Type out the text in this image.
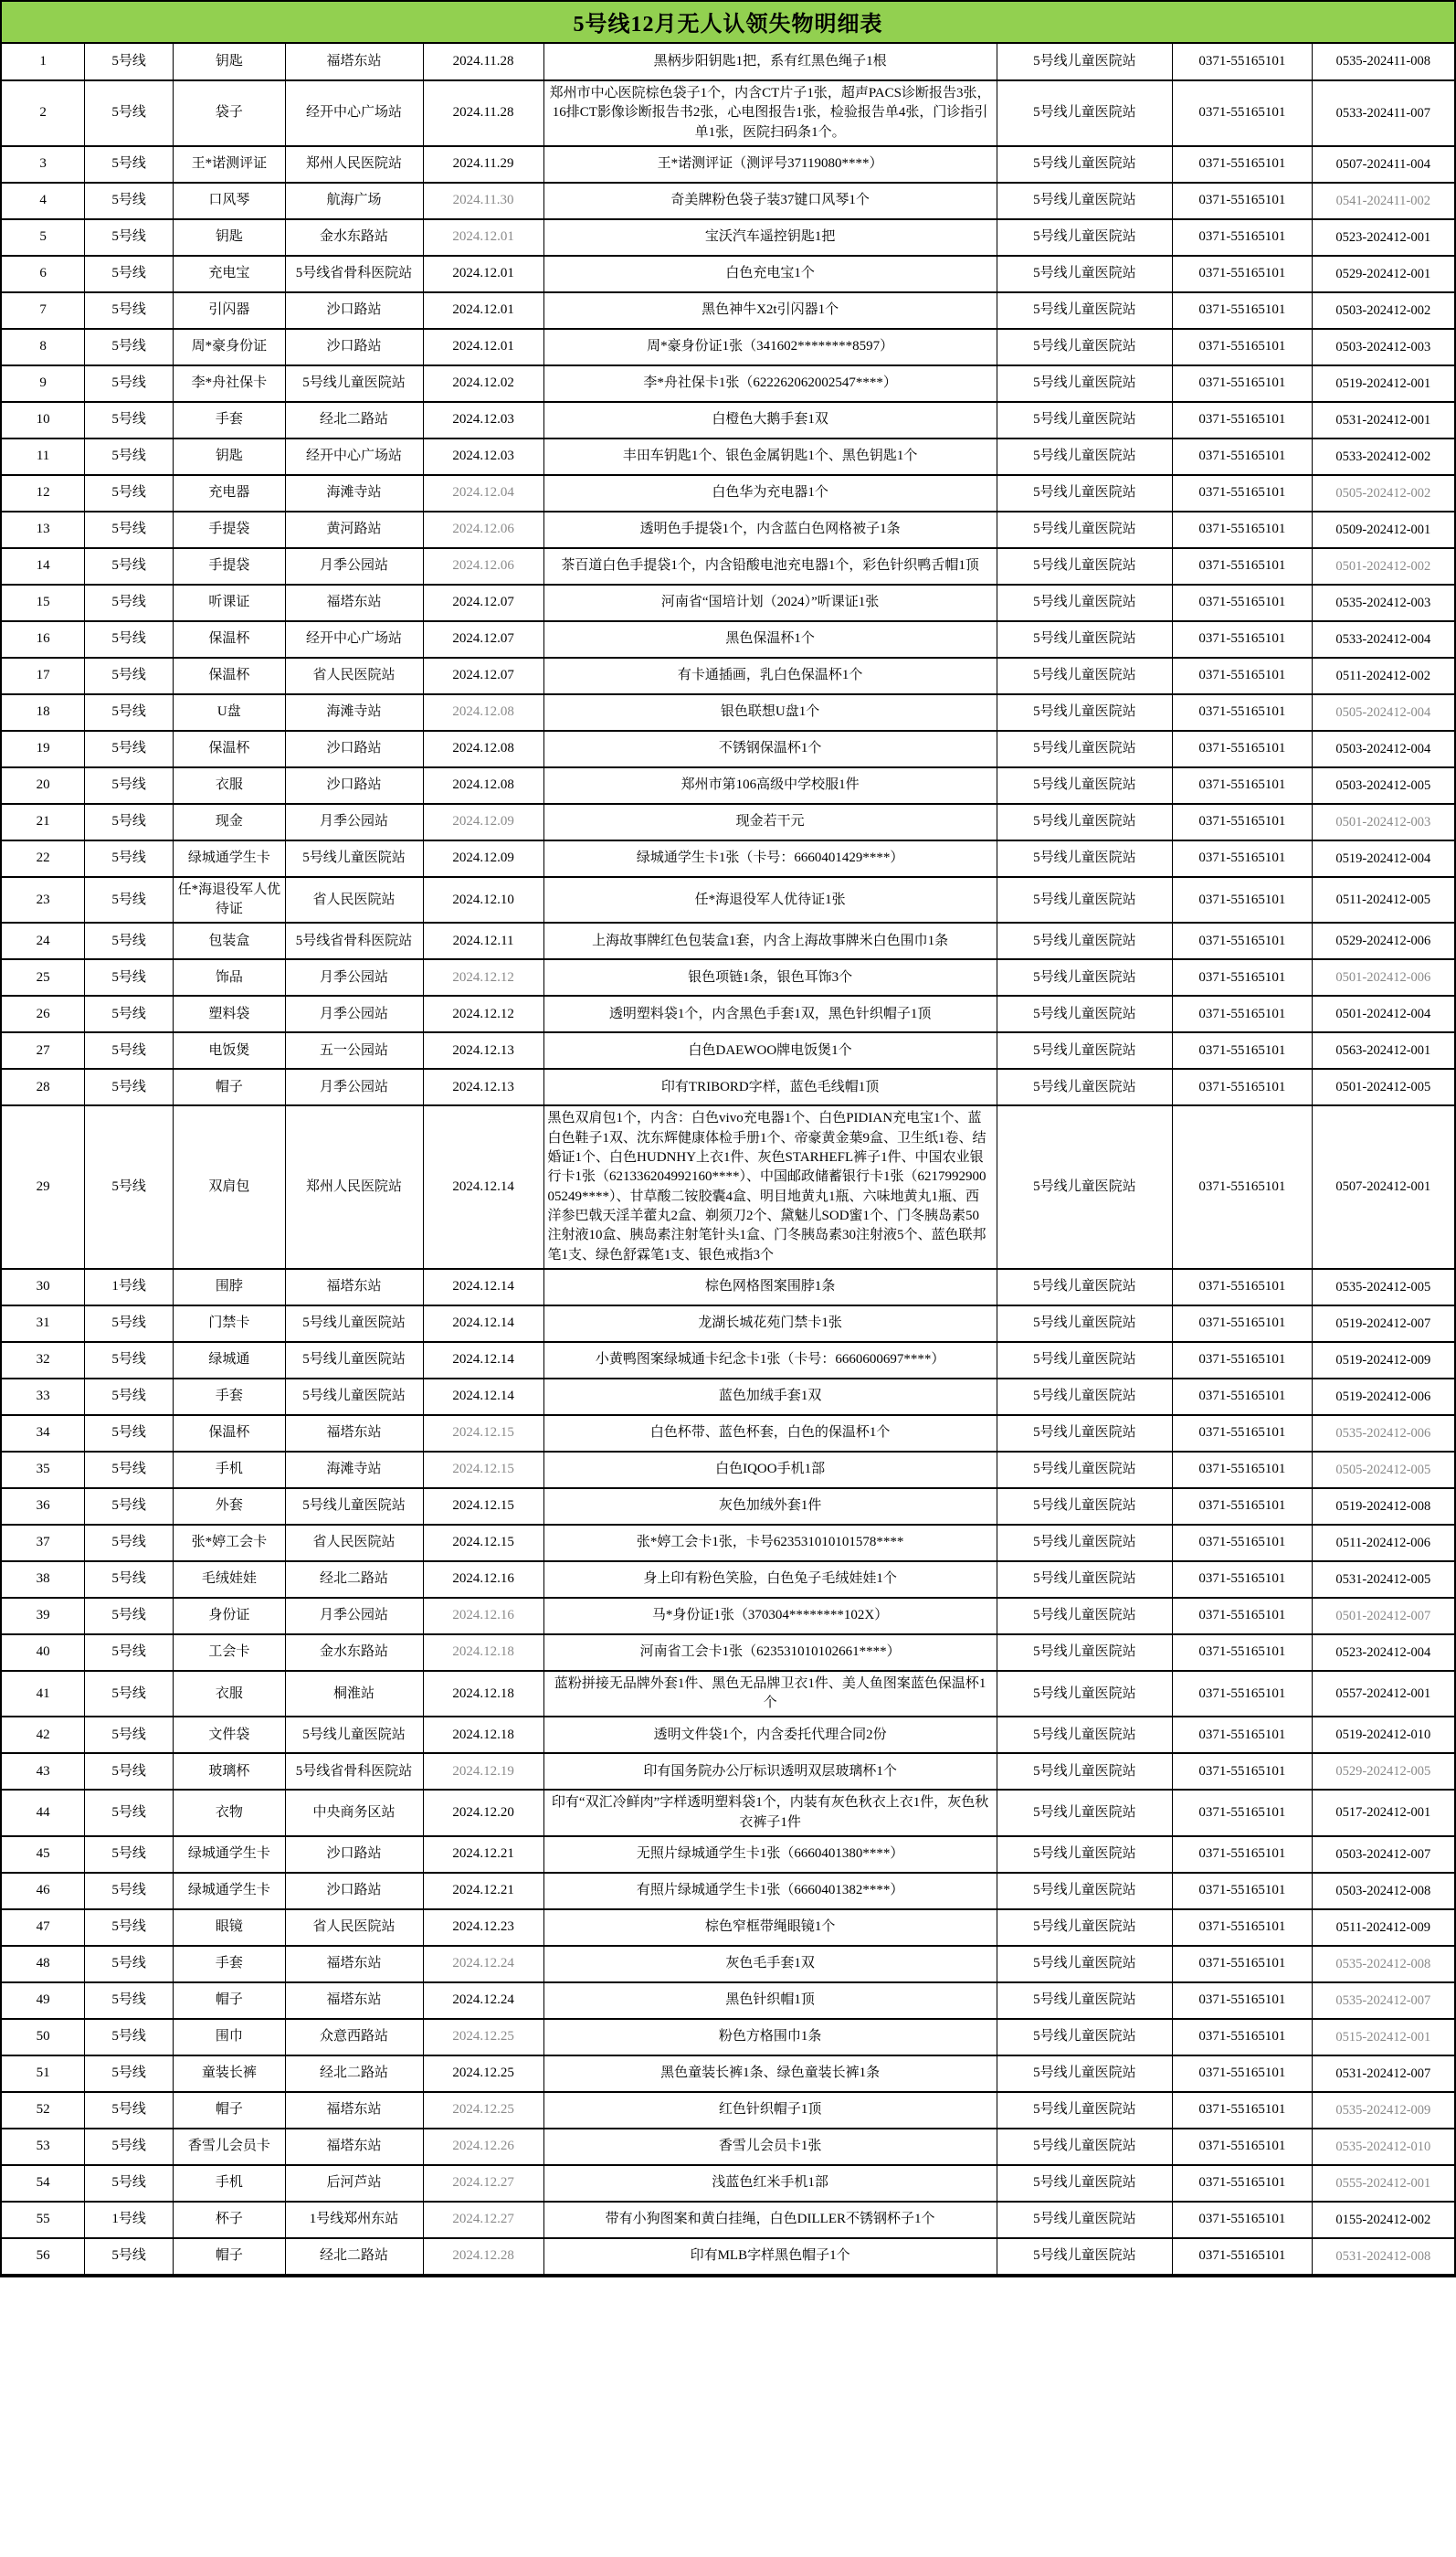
5号线12月无人认领失物明细表
1	5号线	钥匙	福塔东站	2024.11.28	黑柄步阳钥匙1把，系有红黑色绳子1根	5号线儿童医院站	0371-55165101	0535-202411-008
2	5号线	袋子	经开中心广场站	2024.11.28	郑州市中心医院棕色袋子1个，内含CT片子1张，超声PACS诊断报告3张，16排CT影像诊断报告书2张，心电图报告1张，检验报告单4张，门诊指引单1张，医院扫码条1个。	5号线儿童医院站	0371-55165101	0533-202411-007
3	5号线	王*诺测评证	郑州人民医院站	2024.11.29	王*诺测评证（测评号37119080****）	5号线儿童医院站	0371-55165101	0507-202411-004
4	5号线	口风琴	航海广场	2024.11.30	奇美牌粉色袋子装37键口风琴1个	5号线儿童医院站	0371-55165101	0541-202411-002
5	5号线	钥匙	金水东路站	2024.12.01	宝沃汽车遥控钥匙1把	5号线儿童医院站	0371-55165101	0523-202412-001
6	5号线	充电宝	5号线省骨科医院站	2024.12.01	白色充电宝1个	5号线儿童医院站	0371-55165101	0529-202412-001
7	5号线	引闪器	沙口路站	2024.12.01	黑色神牛X2t引闪器1个	5号线儿童医院站	0371-55165101	0503-202412-002
8	5号线	周*豪身份证	沙口路站	2024.12.01	周*豪身份证1张（341602********8597）	5号线儿童医院站	0371-55165101	0503-202412-003
9	5号线	李*舟社保卡	5号线儿童医院站	2024.12.02	李*舟社保卡1张（622262062002547****）	5号线儿童医院站	0371-55165101	0519-202412-001
10	5号线	手套	经北二路站	2024.12.03	白橙色大鹅手套1双	5号线儿童医院站	0371-55165101	0531-202412-001
11	5号线	钥匙	经开中心广场站	2024.12.03	丰田车钥匙1个、银色金属钥匙1个、黑色钥匙1个	5号线儿童医院站	0371-55165101	0533-202412-002
12	5号线	充电器	海滩寺站	2024.12.04	白色华为充电器1个	5号线儿童医院站	0371-55165101	0505-202412-002
13	5号线	手提袋	黄河路站	2024.12.06	透明色手提袋1个，内含蓝白色网格被子1条	5号线儿童医院站	0371-55165101	0509-202412-001
14	5号线	手提袋	月季公园站	2024.12.06	茶百道白色手提袋1个，内含铅酸电池充电器1个，彩色针织鸭舌帽1顶	5号线儿童医院站	0371-55165101	0501-202412-002
15	5号线	听课证	福塔东站	2024.12.07	河南省“国培计划（2024）”听课证1张	5号线儿童医院站	0371-55165101	0535-202412-003
16	5号线	保温杯	经开中心广场站	2024.12.07	黑色保温杯1个	5号线儿童医院站	0371-55165101	0533-202412-004
17	5号线	保温杯	省人民医院站	2024.12.07	有卡通插画，乳白色保温杯1个	5号线儿童医院站	0371-55165101	0511-202412-002
18	5号线	U盘	海滩寺站	2024.12.08	银色联想U盘1个	5号线儿童医院站	0371-55165101	0505-202412-004
19	5号线	保温杯	沙口路站	2024.12.08	不锈钢保温杯1个	5号线儿童医院站	0371-55165101	0503-202412-004
20	5号线	衣服	沙口路站	2024.12.08	郑州市第106高级中学校服1件	5号线儿童医院站	0371-55165101	0503-202412-005
21	5号线	现金	月季公园站	2024.12.09	现金若干元	5号线儿童医院站	0371-55165101	0501-202412-003
22	5号线	绿城通学生卡	5号线儿童医院站	2024.12.09	绿城通学生卡1张（卡号：6660401429****）	5号线儿童医院站	0371-55165101	0519-202412-004
23	5号线	任*海退役军人优待证	省人民医院站	2024.12.10	任*海退役军人优待证1张	5号线儿童医院站	0371-55165101	0511-202412-005
24	5号线	包装盒	5号线省骨科医院站	2024.12.11	上海故事牌红色包装盒1套，内含上海故事牌米白色围巾1条	5号线儿童医院站	0371-55165101	0529-202412-006
25	5号线	饰品	月季公园站	2024.12.12	银色项链1条，银色耳饰3个	5号线儿童医院站	0371-55165101	0501-202412-006
26	5号线	塑料袋	月季公园站	2024.12.12	透明塑料袋1个，内含黑色手套1双，黑色针织帽子1顶	5号线儿童医院站	0371-55165101	0501-202412-004
27	5号线	电饭煲	五一公园站	2024.12.13	白色DAEWOO牌电饭煲1个	5号线儿童医院站	0371-55165101	0563-202412-001
28	5号线	帽子	月季公园站	2024.12.13	印有TRIBORD字样，蓝色毛线帽1顶	5号线儿童医院站	0371-55165101	0501-202412-005
29	5号线	双肩包	郑州人民医院站	2024.12.14	黑色双肩包1个，内含：白色vivo充电器1个、白色PIDIAN充电宝1个、蓝白色鞋子1双、沈东辉健康体检手册1个、帝豪黄金葉9盒、卫生纸1卷、结婚证1个、白色HUDNHY上衣1件、灰色STARHEFL裤子1件、中国农业银行卡1张（621336204992160****）、中国邮政储蓄银行卡1张（621799290005249****）、甘草酸二铵胶囊4盒、明目地黄丸1瓶、六味地黄丸1瓶、西洋参巴戟天淫羊藿丸2盒、剃须刀2个、黛魅儿SOD蜜1个、门冬胰岛素50注射液10盒、胰岛素注射笔针头1盒、门冬胰岛素30注射液5个、蓝色联邦笔1支、绿色舒霖笔1支、银色戒指3个	5号线儿童医院站	0371-55165101	0507-202412-001
30	1号线	围脖	福塔东站	2024.12.14	棕色网格图案围脖1条	5号线儿童医院站	0371-55165101	0535-202412-005
31	5号线	门禁卡	5号线儿童医院站	2024.12.14	龙湖长城花苑门禁卡1张	5号线儿童医院站	0371-55165101	0519-202412-007
32	5号线	绿城通	5号线儿童医院站	2024.12.14	小黄鸭图案绿城通卡纪念卡1张（卡号：6660600697****）	5号线儿童医院站	0371-55165101	0519-202412-009
33	5号线	手套	5号线儿童医院站	2024.12.14	蓝色加绒手套1双	5号线儿童医院站	0371-55165101	0519-202412-006
34	5号线	保温杯	福塔东站	2024.12.15	白色杯带、蓝色杯套，白色的保温杯1个	5号线儿童医院站	0371-55165101	0535-202412-006
35	5号线	手机	海滩寺站	2024.12.15	白色IQOO手机1部	5号线儿童医院站	0371-55165101	0505-202412-005
36	5号线	外套	5号线儿童医院站	2024.12.15	灰色加绒外套1件	5号线儿童医院站	0371-55165101	0519-202412-008
37	5号线	张*婷工会卡	省人民医院站	2024.12.15	张*婷工会卡1张，卡号623531010101578****	5号线儿童医院站	0371-55165101	0511-202412-006
38	5号线	毛绒娃娃	经北二路站	2024.12.16	身上印有粉色笑脸，白色兔子毛绒娃娃1个	5号线儿童医院站	0371-55165101	0531-202412-005
39	5号线	身份证	月季公园站	2024.12.16	马*身份证1张（370304********102X）	5号线儿童医院站	0371-55165101	0501-202412-007
40	5号线	工会卡	金水东路站	2024.12.18	河南省工会卡1张（623531010102661****）	5号线儿童医院站	0371-55165101	0523-202412-004
41	5号线	衣服	桐淮站	2024.12.18	蓝粉拼接无品牌外套1件、黑色无品牌卫衣1件、美人鱼图案蓝色保温杯1个	5号线儿童医院站	0371-55165101	0557-202412-001
42	5号线	文件袋	5号线儿童医院站	2024.12.18	透明文件袋1个，内含委托代理合同2份	5号线儿童医院站	0371-55165101	0519-202412-010
43	5号线	玻璃杯	5号线省骨科医院站	2024.12.19	印有国务院办公厅标识透明双层玻璃杯1个	5号线儿童医院站	0371-55165101	0529-202412-005
44	5号线	衣物	中央商务区站	2024.12.20	印有“双汇冷鲜肉”字样透明塑料袋1个，内装有灰色秋衣上衣1件，灰色秋衣裤子1件	5号线儿童医院站	0371-55165101	0517-202412-001
45	5号线	绿城通学生卡	沙口路站	2024.12.21	无照片绿城通学生卡1张（6660401380****）	5号线儿童医院站	0371-55165101	0503-202412-007
46	5号线	绿城通学生卡	沙口路站	2024.12.21	有照片绿城通学生卡1张（6660401382****）	5号线儿童医院站	0371-55165101	0503-202412-008
47	5号线	眼镜	省人民医院站	2024.12.23	棕色窄框带绳眼镜1个	5号线儿童医院站	0371-55165101	0511-202412-009
48	5号线	手套	福塔东站	2024.12.24	灰色毛手套1双	5号线儿童医院站	0371-55165101	0535-202412-008
49	5号线	帽子	福塔东站	2024.12.24	黑色针织帽1顶	5号线儿童医院站	0371-55165101	0535-202412-007
50	5号线	围巾	众意西路站	2024.12.25	粉色方格围巾1条	5号线儿童医院站	0371-55165101	0515-202412-001
51	5号线	童装长裤	经北二路站	2024.12.25	黑色童装长裤1条、绿色童装长裤1条	5号线儿童医院站	0371-55165101	0531-202412-007
52	5号线	帽子	福塔东站	2024.12.25	红色针织帽子1顶	5号线儿童医院站	0371-55165101	0535-202412-009
53	5号线	香雪儿会员卡	福塔东站	2024.12.26	香雪儿会员卡1张	5号线儿童医院站	0371-55165101	0535-202412-010
54	5号线	手机	后河芦站	2024.12.27	浅蓝色红米手机1部	5号线儿童医院站	0371-55165101	0555-202412-001
55	1号线	杯子	1号线郑州东站	2024.12.27	带有小狗图案和黄白挂绳，白色DILLER不锈钢杯子1个	5号线儿童医院站	0371-55165101	0155-202412-002
56	5号线	帽子	经北二路站	2024.12.28	印有MLB字样黑色帽子1个	5号线儿童医院站	0371-55165101	0531-202412-008
